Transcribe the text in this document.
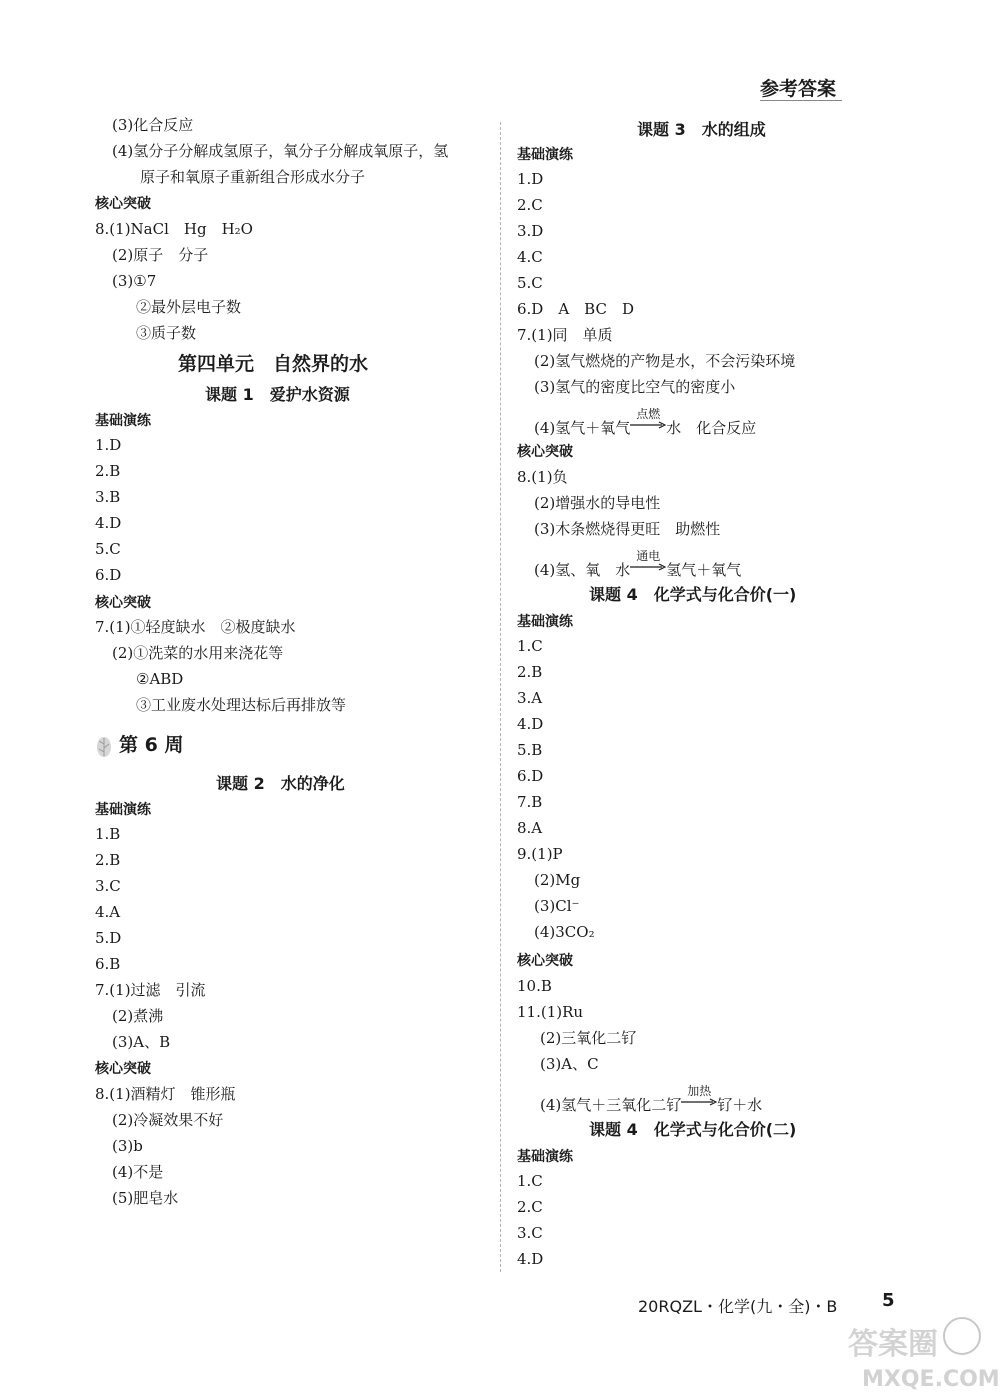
参考答案
(3)化合反应
(4)氢分子分解成氢原子，氧分子分解成氧原子，氢
原子和氧原子重新组合形成水分子
核心突破
8.(1)NaCl　Hg　H₂O
(2)原子　分子
(3)①7
②最外层电子数
③质子数
第四单元　自然界的水
课题 1　爱护水资源
基础演练
1.D
2.B
3.B
4.D
5.C
6.D
核心突破
7.(1)①轻度缺水　②极度缺水
(2)①洗菜的水用来浇花等
②ABD
③工业废水处理达标后再排放等
第 6 周
课题 2　水的净化
基础演练
1.B
2.B
3.C
4.A
5.D
6.B
7.(1)过滤　引流
(2)煮沸
(3)A、B
核心突破
8.(1)酒精灯　锥形瓶
(2)冷凝效果不好
(3)b
(4)不是
(5)肥皂水
课题 3　水的组成
基础演练
1.D
2.C
3.D
4.C
5.C
6.D　A　BC　D
7.(1)同　单质
(2)氢气燃烧的产物是水，不会污染环境
(3)氢气的密度比空气的密度小
(4)氢气＋氧气
点燃
水　化合反应
核心突破
8.(1)负
(2)增强水的导电性
(3)木条燃烧得更旺　助燃性
(4)氢、氧　水
通电
氢气＋氧气
课题 4　化学式与化合价(一)
基础演练
1.C
2.B
3.A
4.D
5.B
6.D
7.B
8.A
9.(1)P
(2)Mg
(3)Cl⁻
(4)3CO₂
核心突破
10.B
11.(1)Ru
(2)三氧化二钌
(3)A、C
(4)氢气＋三氧化二钌
加热
钌＋水
课题 4　化学式与化合价(二)
基础演练
1.C
2.C
3.C
4.D
20RQZL・化学(九・全)・B 5
答案圈
MXQE.COM
